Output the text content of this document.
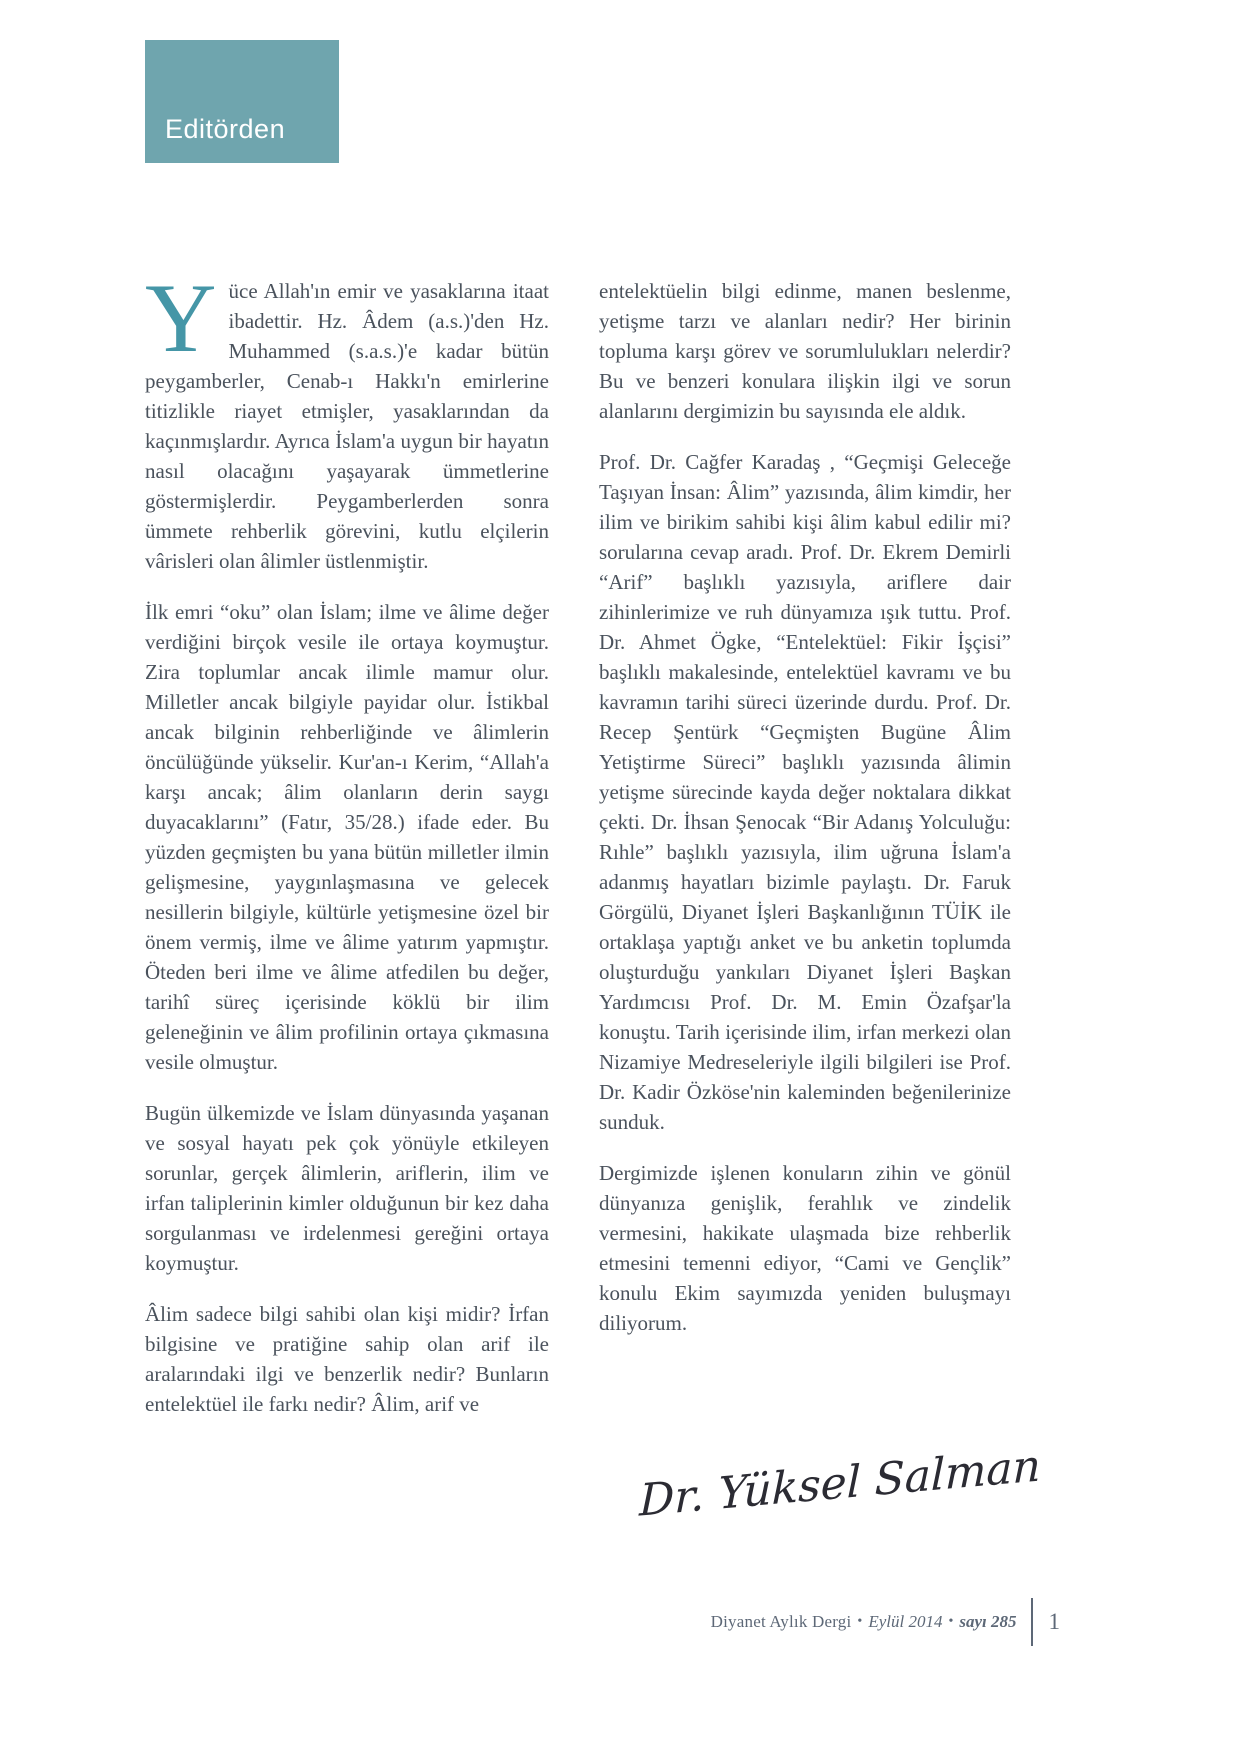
Editörden

Yüce Allah'ın emir ve yasaklarına itaat ibadettir. Hz. Âdem (a.s.)'den Hz. Muhammed (s.a.s.)'e kadar bütün peygamberler, Cenab-ı Hakkı'n emirlerine titizlikle riayet etmişler, yasaklarından da kaçınmışlardır. Ayrıca İslam'a uygun bir hayatın nasıl olacağını yaşayarak ümmetlerine göstermişlerdir. Peygamberlerden sonra ümmete rehberlik görevini, kutlu elçilerin vârisleri olan âlimler üstlenmiştir.

İlk emri “oku” olan İslam; ilme ve âlime değer verdiğini birçok vesile ile ortaya koymuştur. Zira toplumlar ancak ilimle mamur olur. Milletler ancak bilgiyle payidar olur. İstikbal ancak bilginin rehberliğinde ve âlimlerin öncülüğünde yükselir. Kur'an-ı Kerim, “Allah'a karşı ancak; âlim olanların derin saygı duyacaklarını” (Fatır, 35/28.) ifade eder. Bu yüzden geçmişten bu yana bütün milletler ilmin gelişmesine, yaygınlaşmasına ve gelecek nesillerin bilgiyle, kültürle yetişmesine özel bir önem vermiş, ilme ve âlime yatırım yapmıştır. Öteden beri ilme ve âlime atfedilen bu değer, tarihî süreç içerisinde köklü bir ilim geleneğinin ve âlim profilinin ortaya çıkmasına vesile olmuştur.

Bugün ülkemizde ve İslam dünyasında yaşanan ve sosyal hayatı pek çok yönüyle etkileyen sorunlar, gerçek âlimlerin, ariflerin, ilim ve irfan taliplerinin kimler olduğunun bir kez daha sorgulanması ve irdelenmesi gereğini ortaya koymuştur.

Âlim sadece bilgi sahibi olan kişi midir? İrfan bilgisine ve pratiğine sahip olan arif ile aralarındaki ilgi ve benzerlik nedir? Bunların entelektüel ile farkı nedir? Âlim, arif ve

entelektüelin bilgi edinme, manen beslenme, yetişme tarzı ve alanları nedir? Her birinin topluma karşı görev ve sorumlulukları nelerdir? Bu ve benzeri konulara ilişkin ilgi ve sorun alanlarını dergimizin bu sayısında ele aldık.

Prof. Dr. Cağfer Karadaş , “Geçmişi Geleceğe Taşıyan İnsan: Âlim” yazısında, âlim kimdir, her ilim ve birikim sahibi kişi âlim kabul edilir mi? sorularına cevap aradı. Prof. Dr. Ekrem Demirli “Arif” başlıklı yazısıyla, ariflere dair zihinlerimize ve ruh dünyamıza ışık tuttu. Prof. Dr. Ahmet Ögke, “Entelektüel: Fikir İşçisi” başlıklı makalesinde, entelektüel kavramı ve bu kavramın tarihi süreci üzerinde durdu. Prof. Dr. Recep Şentürk “Geçmişten Bugüne Âlim Yetiştirme Süreci” başlıklı yazısında âlimin yetişme sürecinde kayda değer noktalara dikkat çekti. Dr. İhsan Şenocak “Bir Adanış Yolculuğu: Rıhle” başlıklı yazısıyla, ilim uğruna İslam'a adanmış hayatları bizimle paylaştı. Dr. Faruk Görgülü, Diyanet İşleri Başkanlığının TÜİK ile ortaklaşa yaptığı anket ve bu anketin toplumda oluşturduğu yankıları Diyanet İşleri Başkan Yardımcısı Prof. Dr. M. Emin Özafşar'la konuştu. Tarih içerisinde ilim, irfan merkezi olan Nizamiye Medreseleriyle ilgili bilgileri ise Prof. Dr. Kadir Özköse'nin kaleminden beğenilerinize sunduk.

Dergimizde işlenen konuların zihin ve gönül dünyanıza genişlik, ferahlık ve zindelik vermesini, hakikate ulaşmada bize rehberlik etmesini temenni ediyor, “Cami ve Gençlik” konulu Ekim sayımızda yeniden buluşmayı diliyorum.

Dr. Yüksel Salman
Diyanet Aylık Dergi • Eylül 2014 • sayı 285 1
